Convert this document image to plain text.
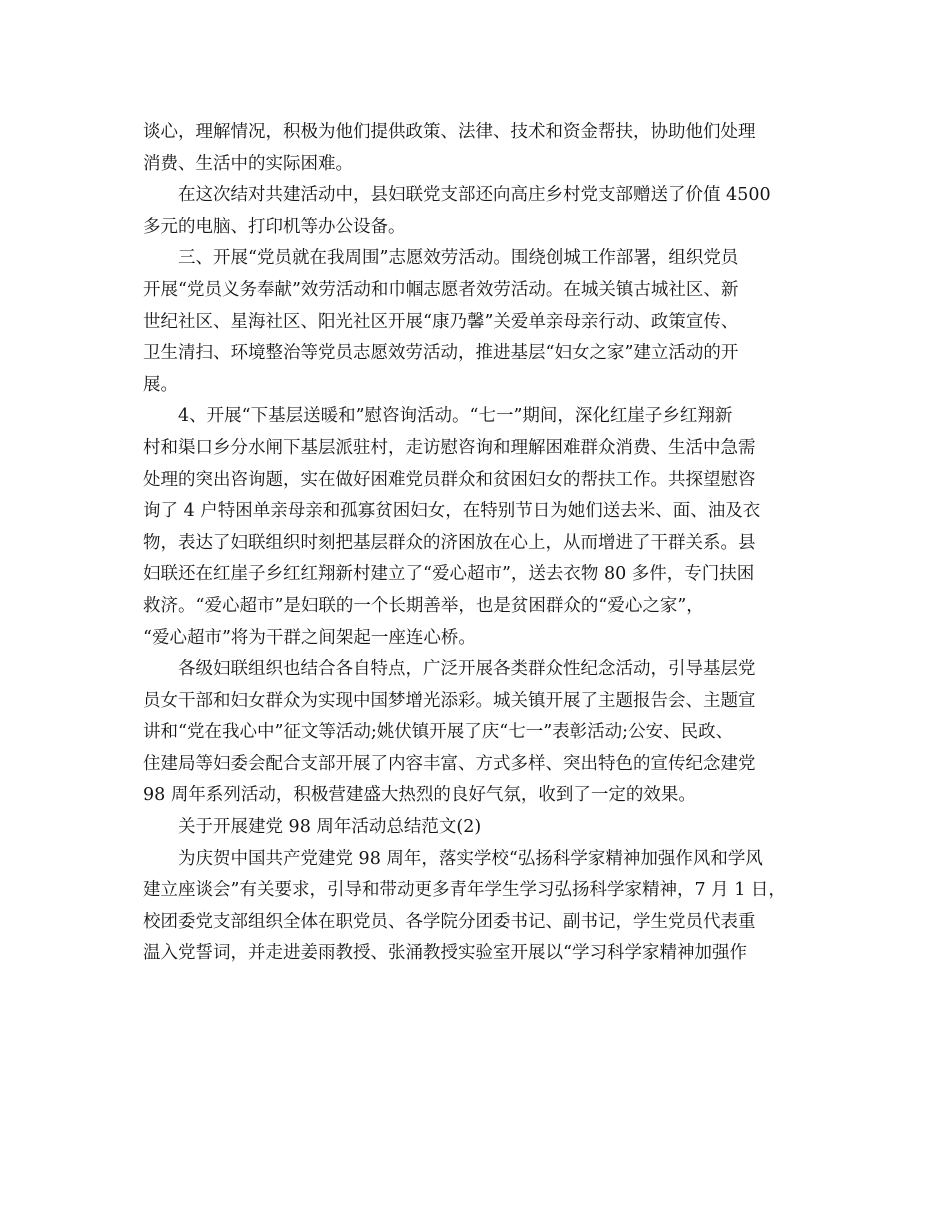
谈心，理解情况，积极为他们提供政策、法律、技术和资金帮扶，协助他们处理
消费、生活中的实际困难。
在这次结对共建活动中，县妇联党支部还向高庄乡村党支部赠送了价值 4500
多元的电脑、打印机等办公设备。
三、开展“党员就在我周围”志愿效劳活动。围绕创城工作部署，组织党员
开展“党员义务奉献”效劳活动和巾帼志愿者效劳活动。在城关镇古城社区、新
世纪社区、星海社区、阳光社区开展“康乃馨”关爱单亲母亲行动、政策宣传、
卫生清扫、环境整治等党员志愿效劳活动，推进基层“妇女之家”建立活动的开
展。
4、开展“下基层送暖和”慰咨询活动。“七一”期间，深化红崖子乡红翔新
村和渠口乡分水闸下基层派驻村，走访慰咨询和理解困难群众消费、生活中急需
处理的突出咨询题，实在做好困难党员群众和贫困妇女的帮扶工作。共探望慰咨
询了 4 户特困单亲母亲和孤寡贫困妇女，在特别节日为她们送去米、面、油及衣
物，表达了妇联组织时刻把基层群众的济困放在心上，从而增进了干群关系。县
妇联还在红崖子乡红红翔新村建立了“爱心超市”，送去衣物 80 多件，专门扶困
救济。“爱心超市”是妇联的一个长期善举，也是贫困群众的“爱心之家”，
“爱心超市”将为干群之间架起一座连心桥。
各级妇联组织也结合各自特点，广泛开展各类群众性纪念活动，引导基层党
员女干部和妇女群众为实现中国梦增光添彩。城关镇开展了主题报告会、主题宣
讲和“党在我心中”征文等活动;姚伏镇开展了庆“七一”表彰活动;公安、民政、
住建局等妇委会配合支部开展了内容丰富、方式多样、突出特色的宣传纪念建党
98 周年系列活动，积极营建盛大热烈的良好气氛，收到了一定的效果。
关于开展建党 98 周年活动总结范文(2)
为庆贺中国共产党建党 98 周年，落实学校“弘扬科学家精神加强作风和学风
建立座谈会”有关要求，引导和带动更多青年学生学习弘扬科学家精神，7 月 1 日，
校团委党支部组织全体在职党员、各学院分团委书记、副书记，学生党员代表重
温入党誓词，并走进姜雨教授、张涌教授实验室开展以“学习科学家精神加强作
